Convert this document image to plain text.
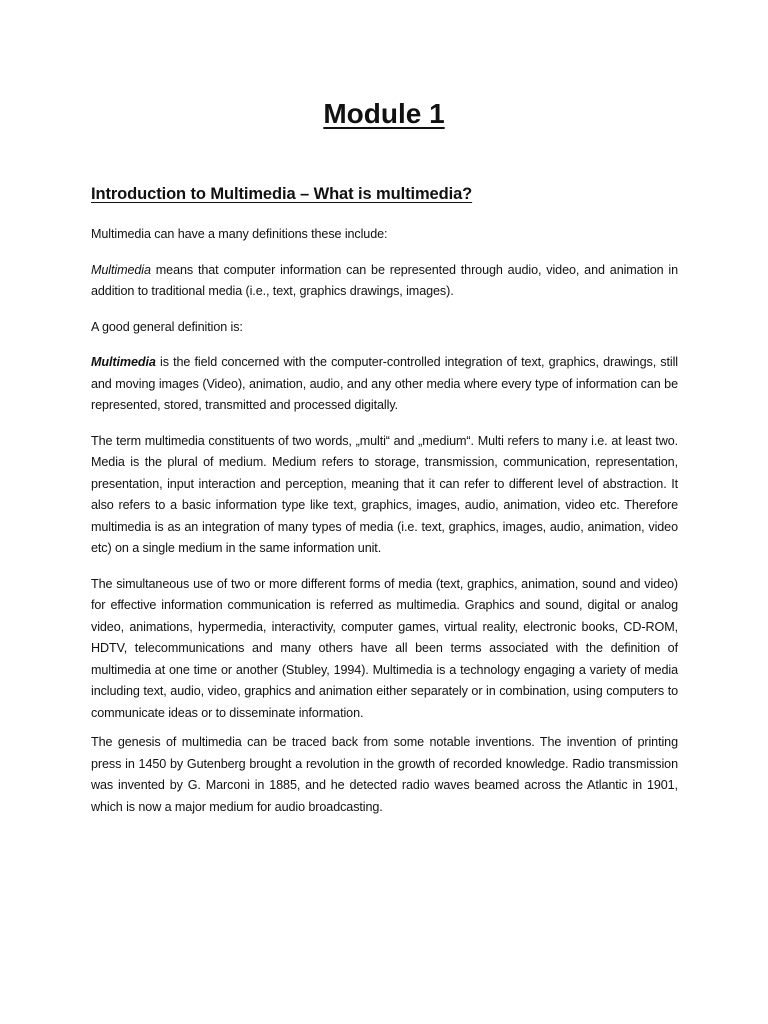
Module 1
Introduction to Multimedia – What is multimedia?

Multimedia can have a many definitions these include:

Multimedia means that computer information can be represented through audio, video, and animation in addition to traditional media (i.e., text, graphics drawings, images).

A good general definition is:

Multimedia is the field concerned with the computer-controlled integration of text, graphics, drawings, still and moving images (Video), animation, audio, and any other media where every type of information can be represented, stored, transmitted and processed digitally.

The term multimedia constituents of two words, „multi“ and „medium“. Multi refers to many i.e. at least two. Media is the plural of medium. Medium refers to storage, transmission, communication, representation, presentation, input interaction and perception, meaning that it can refer to different level of abstraction. It also refers to a basic information type like text, graphics, images, audio, animation, video etc. Therefore multimedia is as an integration of many types of media (i.e. text, graphics, images, audio, animation, video etc) on a single medium in the same information unit.

The simultaneous use of two or more different forms of media (text, graphics, animation, sound and video) for effective information communication is referred as multimedia. Graphics and sound, digital or analog video, animations, hypermedia, interactivity, computer games, virtual reality, electronic books, CD-ROM, HDTV, telecommunications and many others have all been terms associated with the definition of multimedia at one time or another (Stubley, 1994). Multimedia is a technology engaging a variety of media including text, audio, video, graphics and animation either separately or in combination, using computers to communicate ideas or to disseminate information.

The genesis of multimedia can be traced back from some notable inventions. The invention of printing press in 1450 by Gutenberg brought a revolution in the growth of recorded knowledge. Radio transmission was invented by G. Marconi in 1885, and he detected radio waves beamed across the Atlantic in 1901, which is now a major medium for audio broadcasting.
